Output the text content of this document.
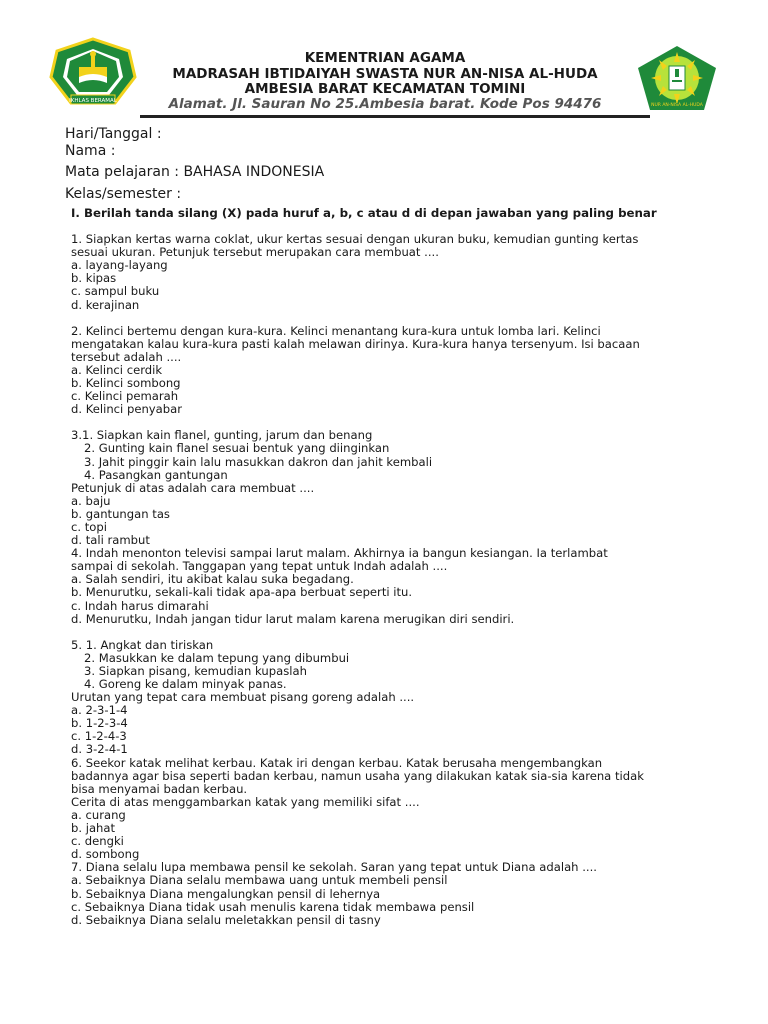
IKHLAS BERAMAL
KEMENTRIAN AGAMA
MADRASAH IBTIDAIYAH SWASTA NUR AN-NISA AL-HUDA
AMBESIA BARAT KECAMATAN TOMINI
Alamat. Jl. Sauran No 25.Ambesia barat. Kode Pos 94476	NUR AN-NISA AL-HUDA
Hari/Tanggal :
Nama :
Mata pelajaran : BAHASA INDONESIA
Kelas/semester :
I. Berilah tanda silang (X) pada huruf a, b, c atau d di depan jawaban yang paling benar
1. Siapkan kertas warna coklat, ukur kertas sesuai dengan ukuran buku, kemudian gunting kertas
sesuai ukuran. Petunjuk tersebut merupakan cara membuat ....
a. layang-layang
b. kipas
c. sampul buku
d. kerajinan
2. Kelinci bertemu dengan kura-kura. Kelinci menantang kura-kura untuk lomba lari. Kelinci
mengatakan kalau kura-kura pasti kalah melawan dirinya. Kura-kura hanya tersenyum. Isi bacaan
tersebut adalah ....
a. Kelinci cerdik
b. Kelinci sombong
c. Kelinci pemarah
d. Kelinci penyabar
3.1. Siapkan kain flanel, gunting, jarum dan benang
2. Gunting kain flanel sesuai bentuk yang diinginkan
3. Jahit pinggir kain lalu masukkan dakron dan jahit kembali
4. Pasangkan gantungan
Petunjuk di atas adalah cara membuat ....
a. baju
b. gantungan tas
c. topi
d. tali rambut
4. Indah menonton televisi sampai larut malam. Akhirnya ia bangun kesiangan. Ia terlambat
sampai di sekolah. Tanggapan yang tepat untuk Indah adalah ....
a. Salah sendiri, itu akibat kalau suka begadang.
b. Menurutku, sekali-kali tidak apa-apa berbuat seperti itu.
c. Indah harus dimarahi
d. Menurutku, Indah jangan tidur larut malam karena merugikan diri sendiri.
5. 1. Angkat dan tiriskan
2. Masukkan ke dalam tepung yang dibumbui
3. Siapkan pisang, kemudian kupaslah
4. Goreng ke dalam minyak panas.
Urutan yang tepat cara membuat pisang goreng adalah ....
a. 2-3-1-4
b. 1-2-3-4
c. 1-2-4-3
d. 3-2-4-1
6. Seekor katak melihat kerbau. Katak iri dengan kerbau. Katak berusaha mengembangkan
badannya agar bisa seperti badan kerbau, namun usaha yang dilakukan katak sia-sia karena tidak
bisa menyamai badan kerbau.
Cerita di atas menggambarkan katak yang memiliki sifat ....
a. curang
b. jahat
c. dengki
d. sombong
7. Diana selalu lupa membawa pensil ke sekolah. Saran yang tepat untuk Diana adalah ....
a. Sebaiknya Diana selalu membawa uang untuk membeli pensil
b. Sebaiknya Diana mengalungkan pensil di lehernya
c. Sebaiknya Diana tidak usah menulis karena tidak membawa pensil
d. Sebaiknya Diana selalu meletakkan pensil di tasny
